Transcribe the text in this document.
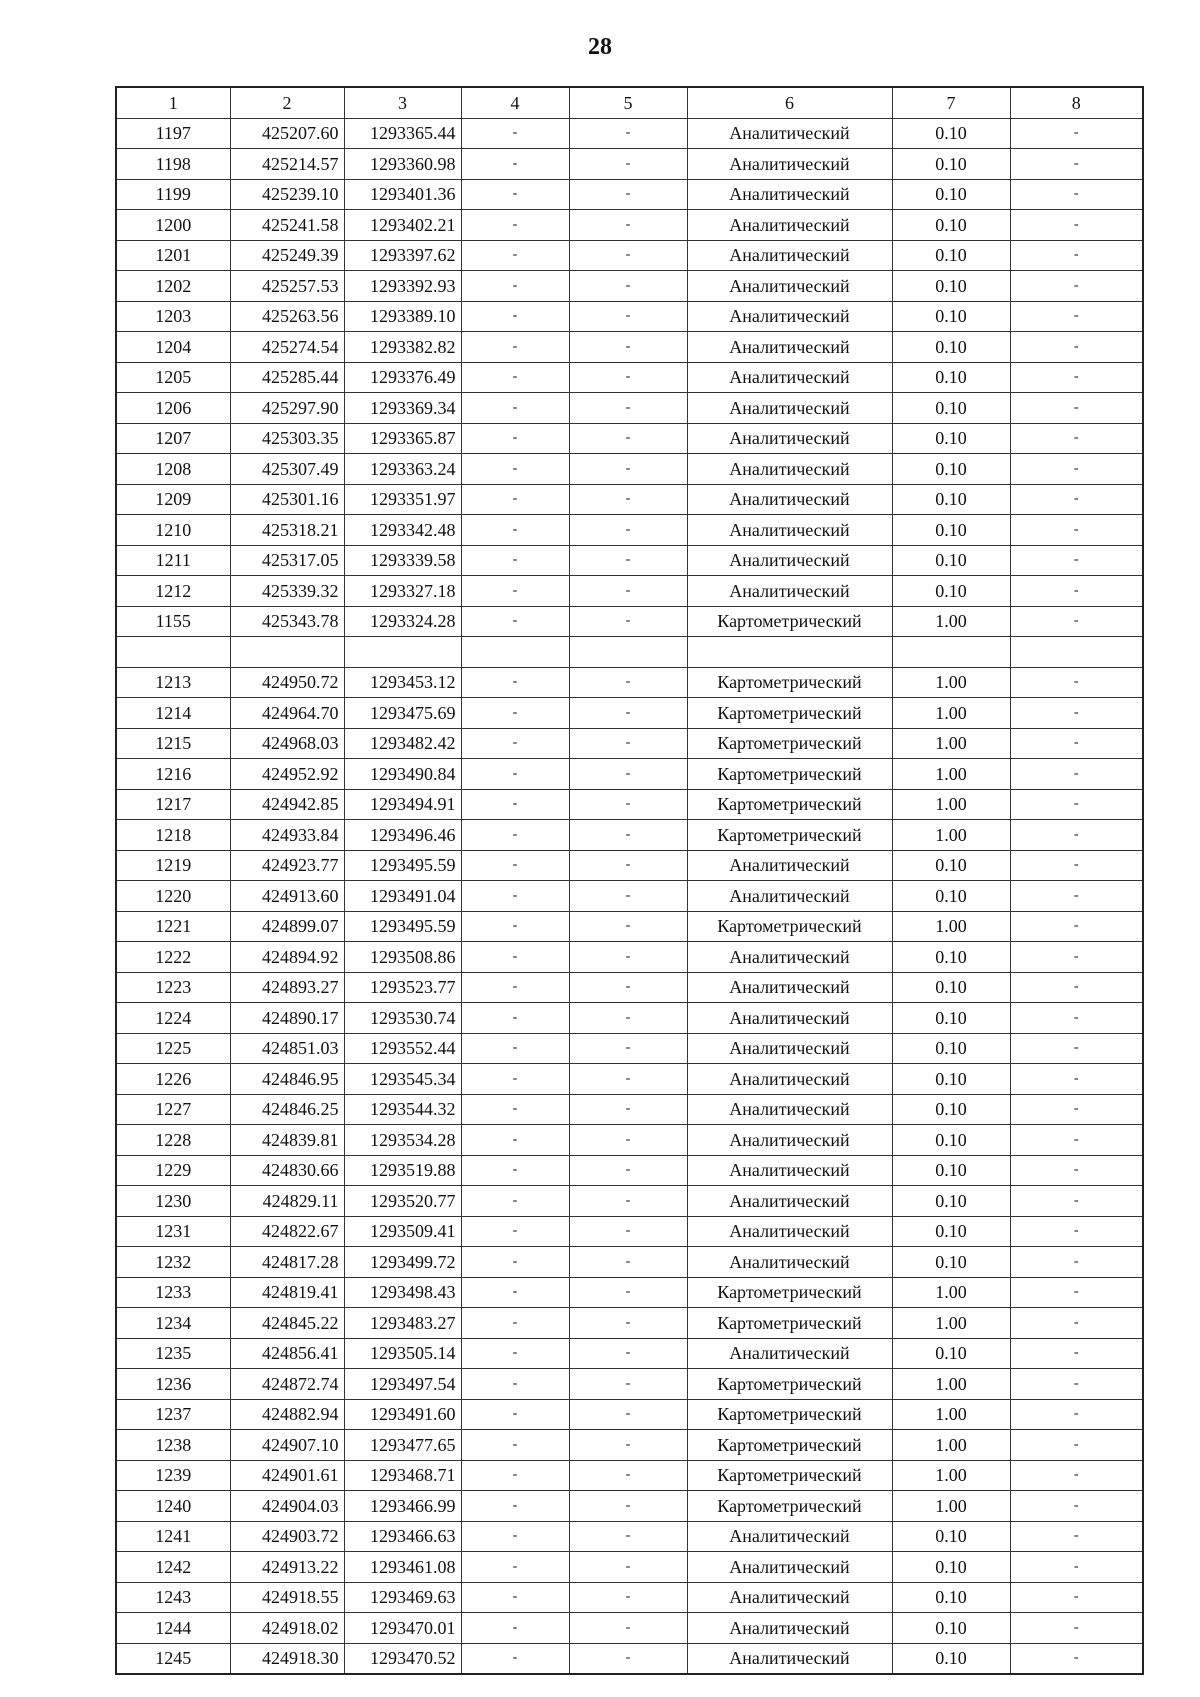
28
1	2	3	4	5	6	7	8
1197	425207.60	1293365.44	-	-	Аналитический	0.10	-
1198	425214.57	1293360.98	-	-	Аналитический	0.10	-
1199	425239.10	1293401.36	-	-	Аналитический	0.10	-
1200	425241.58	1293402.21	-	-	Аналитический	0.10	-
1201	425249.39	1293397.62	-	-	Аналитический	0.10	-
1202	425257.53	1293392.93	-	-	Аналитический	0.10	-
1203	425263.56	1293389.10	-	-	Аналитический	0.10	-
1204	425274.54	1293382.82	-	-	Аналитический	0.10	-
1205	425285.44	1293376.49	-	-	Аналитический	0.10	-
1206	425297.90	1293369.34	-	-	Аналитический	0.10	-
1207	425303.35	1293365.87	-	-	Аналитический	0.10	-
1208	425307.49	1293363.24	-	-	Аналитический	0.10	-
1209	425301.16	1293351.97	-	-	Аналитический	0.10	-
1210	425318.21	1293342.48	-	-	Аналитический	0.10	-
1211	425317.05	1293339.58	-	-	Аналитический	0.10	-
1212	425339.32	1293327.18	-	-	Аналитический	0.10	-
1155	425343.78	1293324.28	-	-	Картометрический	1.00	-

1213	424950.72	1293453.12	-	-	Картометрический	1.00	-
1214	424964.70	1293475.69	-	-	Картометрический	1.00	-
1215	424968.03	1293482.42	-	-	Картометрический	1.00	-
1216	424952.92	1293490.84	-	-	Картометрический	1.00	-
1217	424942.85	1293494.91	-	-	Картометрический	1.00	-
1218	424933.84	1293496.46	-	-	Картометрический	1.00	-
1219	424923.77	1293495.59	-	-	Аналитический	0.10	-
1220	424913.60	1293491.04	-	-	Аналитический	0.10	-
1221	424899.07	1293495.59	-	-	Картометрический	1.00	-
1222	424894.92	1293508.86	-	-	Аналитический	0.10	-
1223	424893.27	1293523.77	-	-	Аналитический	0.10	-
1224	424890.17	1293530.74	-	-	Аналитический	0.10	-
1225	424851.03	1293552.44	-	-	Аналитический	0.10	-
1226	424846.95	1293545.34	-	-	Аналитический	0.10	-
1227	424846.25	1293544.32	-	-	Аналитический	0.10	-
1228	424839.81	1293534.28	-	-	Аналитический	0.10	-
1229	424830.66	1293519.88	-	-	Аналитический	0.10	-
1230	424829.11	1293520.77	-	-	Аналитический	0.10	-
1231	424822.67	1293509.41	-	-	Аналитический	0.10	-
1232	424817.28	1293499.72	-	-	Аналитический	0.10	-
1233	424819.41	1293498.43	-	-	Картометрический	1.00	-
1234	424845.22	1293483.27	-	-	Картометрический	1.00	-
1235	424856.41	1293505.14	-	-	Аналитический	0.10	-
1236	424872.74	1293497.54	-	-	Картометрический	1.00	-
1237	424882.94	1293491.60	-	-	Картометрический	1.00	-
1238	424907.10	1293477.65	-	-	Картометрический	1.00	-
1239	424901.61	1293468.71	-	-	Картометрический	1.00	-
1240	424904.03	1293466.99	-	-	Картометрический	1.00	-
1241	424903.72	1293466.63	-	-	Аналитический	0.10	-
1242	424913.22	1293461.08	-	-	Аналитический	0.10	-
1243	424918.55	1293469.63	-	-	Аналитический	0.10	-
1244	424918.02	1293470.01	-	-	Аналитический	0.10	-
1245	424918.30	1293470.52	-	-	Аналитический	0.10	-
